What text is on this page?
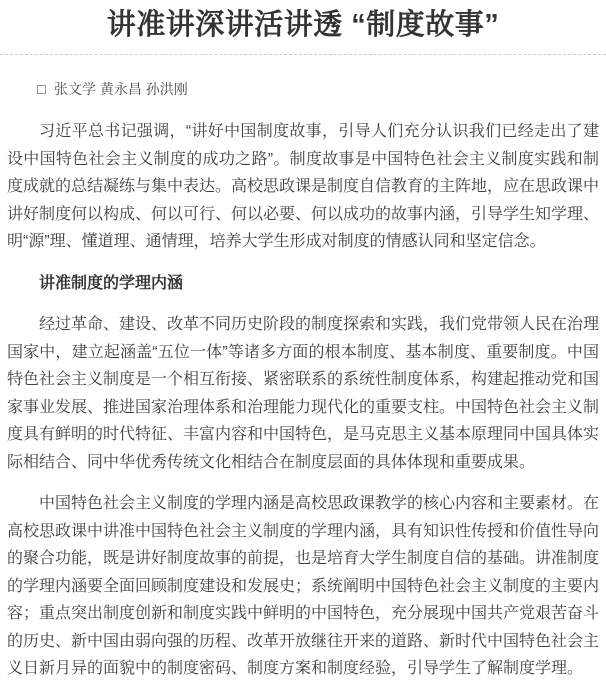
讲准讲深讲活讲透 “制度故事”
张文学 黄永昌 孙洪刚

习近平总书记强调，“讲好中国制度故事，引导人们充分认识我们已经走出了建设中国特色社会主义制度的成功之路”。制度故事是中国特色社会主义制度实践和制度成就的总结凝练与集中表达。高校思政课是制度自信教育的主阵地，应在思政课中讲好制度何以构成、何以可行、何以必要、何以成功的故事内涵，引导学生知学理、明“源”理、懂道理、通情理，培养大学生形成对制度的情感认同和坚定信念。

讲准制度的学理内涵

经过革命、建设、改革不同历史阶段的制度探索和实践，我们党带领人民在治理国家中，建立起涵盖“五位一体”等诸多方面的根本制度、基本制度、重要制度。中国特色社会主义制度是一个相互衔接、紧密联系的系统性制度体系，构建起推动党和国家事业发展、推进国家治理体系和治理能力现代化的重要支柱。中国特色社会主义制度具有鲜明的时代特征、丰富内容和中国特色，是马克思主义基本原理同中国具体实际相结合、同中华优秀传统文化相结合在制度层面的具体体现和重要成果。

中国特色社会主义制度的学理内涵是高校思政课教学的核心内容和主要素材。在高校思政课中讲准中国特色社会主义制度的学理内涵，具有知识性传授和价值性导向的聚合功能，既是讲好制度故事的前提，也是培育大学生制度自信的基础。讲准制度的学理内涵要全面回顾制度建设和发展史；系统阐明中国特色社会主义制度的主要内容；重点突出制度创新和制度实践中鲜明的中国特色，充分展现中国共产党艰苦奋斗的历史、新中国由弱向强的历程、改革开放继往开来的道路、新时代中国特色社会主义日新月异的面貌中的制度密码、制度方案和制度经验，引导学生了解制度学理。
